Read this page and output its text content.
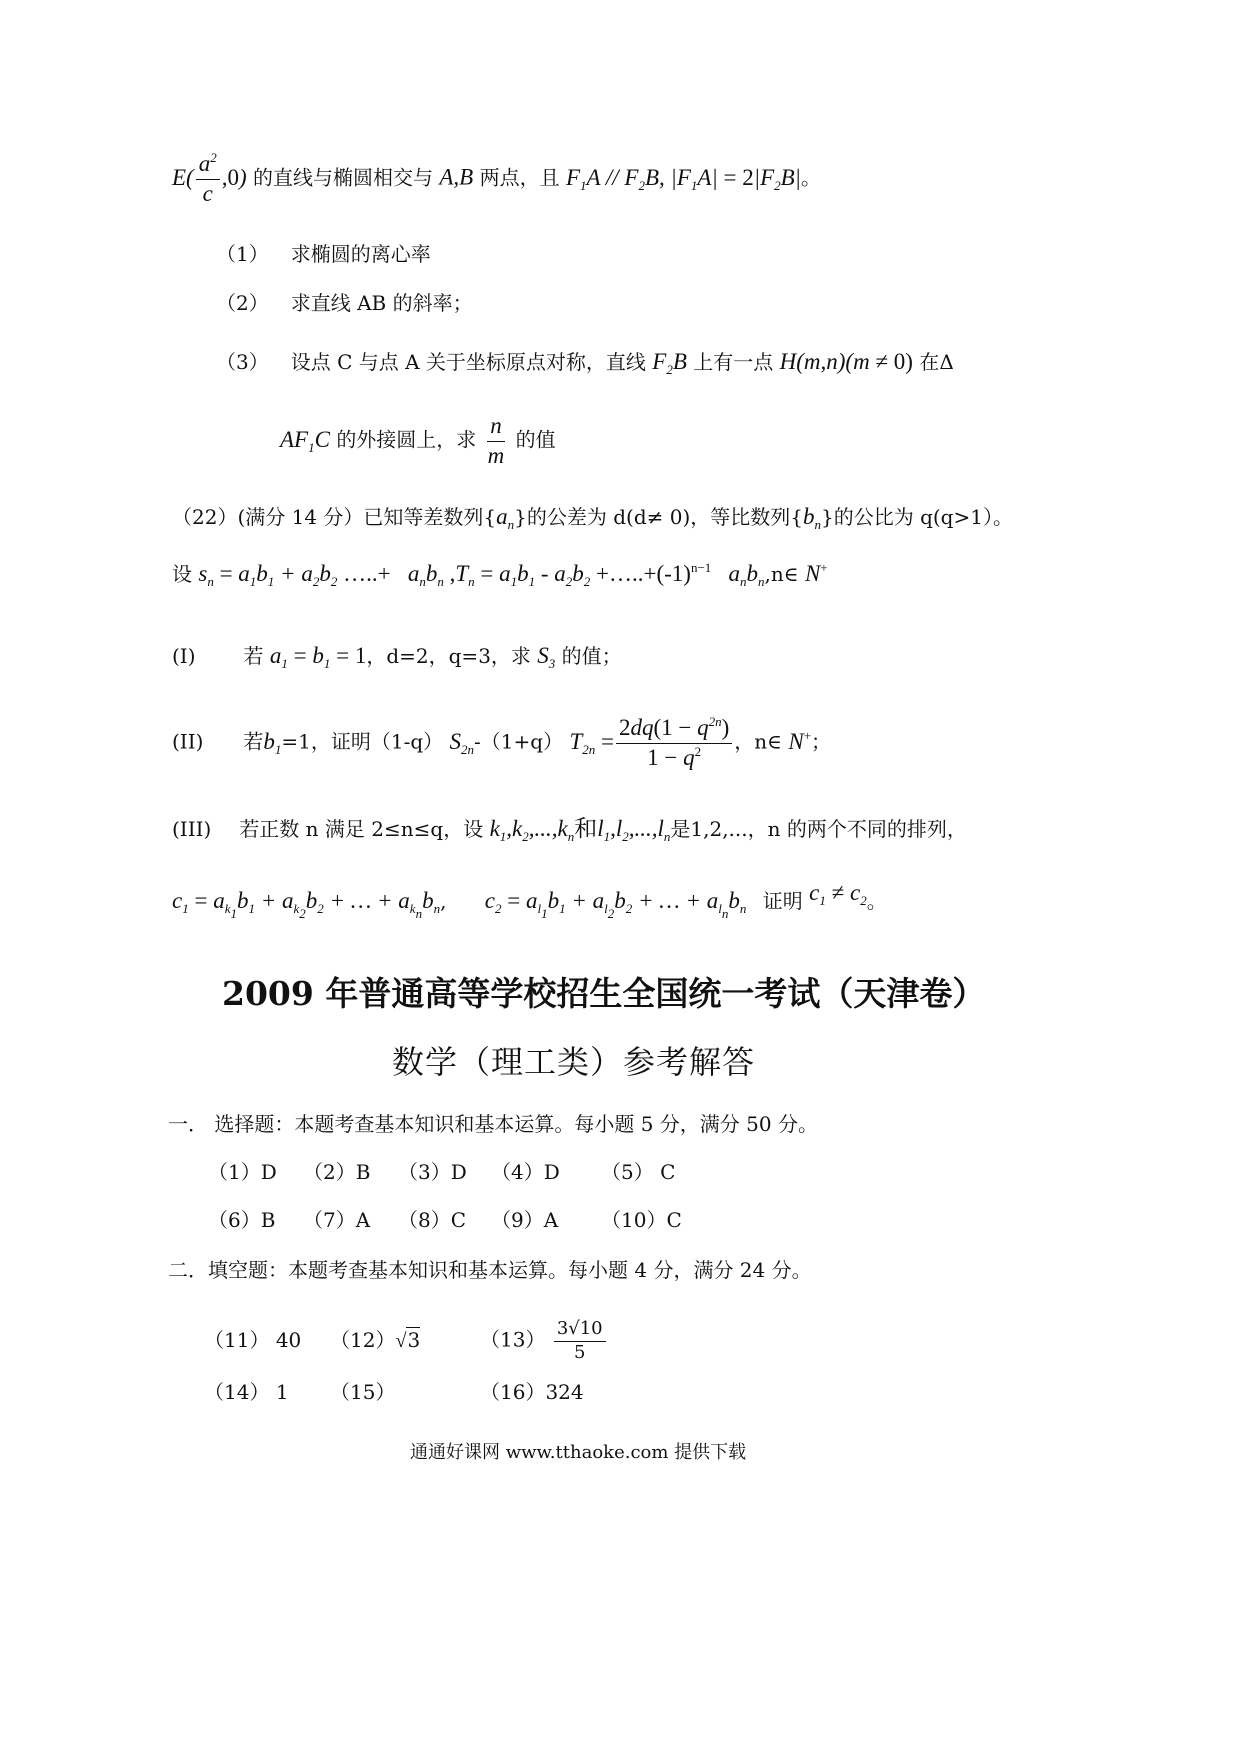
$E( \frac{a^2}{c} ,0)$ 的直线与椭圆相交与 A,B 两点，且 $F_1A // F_2B$, $|F_1A| = 2|F_2B|$。
（1） 求椭圆的离心率
（2） 求直线 AB 的斜率；
（3） 设点 C 与点 A 关于坐标原点对称，直线 $F_2B$ 上有一点 H(m,n)(m ≠ 0) 在Δ
$AF_1C$ 的外接圆上，求 $\frac{n}{m}$ 的值
（22）(满分 14 分）已知等差数列$\{a_n\}$的公差为 d(d≠ 0)，等比数列$\{b_n\}$的公比为 q(q>1）。
设 $s_n = a_1b_1 + a_2b_2$ …..+   $a_nb_n$ $,T_n = a_1b_1 - a_2b_2$ $+\dots..+(-1)^{n-1}$   $a_nb_n,n\in$ N+
(I) 若 $a_1 = b_1 = 1$，d=2，q=3，求 $S_3$ 的值；
(II) 若$b_1=1$，证明（1-q） $S_{2n}-(1+q) T_{2n} = \frac{2dq(1 - q^{2n})}{1 - q^2}$ ，n∈ N+；
(III) 若正数 n 满足 2≤n≤q，设 $k_1,k_2,...,k_n$和$l_1,l_2,...,l_n$是1,2,...，n 的两个不同的排列，
$c_1 = a_{k_1}b_1 + a_{k_2}b_2$ + … + $a_{k_n}b_n$, $c_2 = a_{l_1}b_1 + a_{l_2}b_2$ + … + $a_{l_n}b_n$ 证明 $c_1 \ne c_2$。
2009 年普通高等学校招生全国统一考试（天津卷）
数学（理工类）参考解答
一． 选择题：本题考查基本知识和基本运算。每小题 5 分，满分 50 分。
（1）D （2）B （3）D （4）D （5） C
（6）B （7）A （8）C （9）A （10）C
二．填空题：本题考查基本知识和基本运算。每小题 4 分，满分 24 分。
（11） 40 （12）√3	$(13) \frac{3√10}{5}$
（14） 1 （15）	（16）324
通通好课网 www.tthaoke.com 提供下载
